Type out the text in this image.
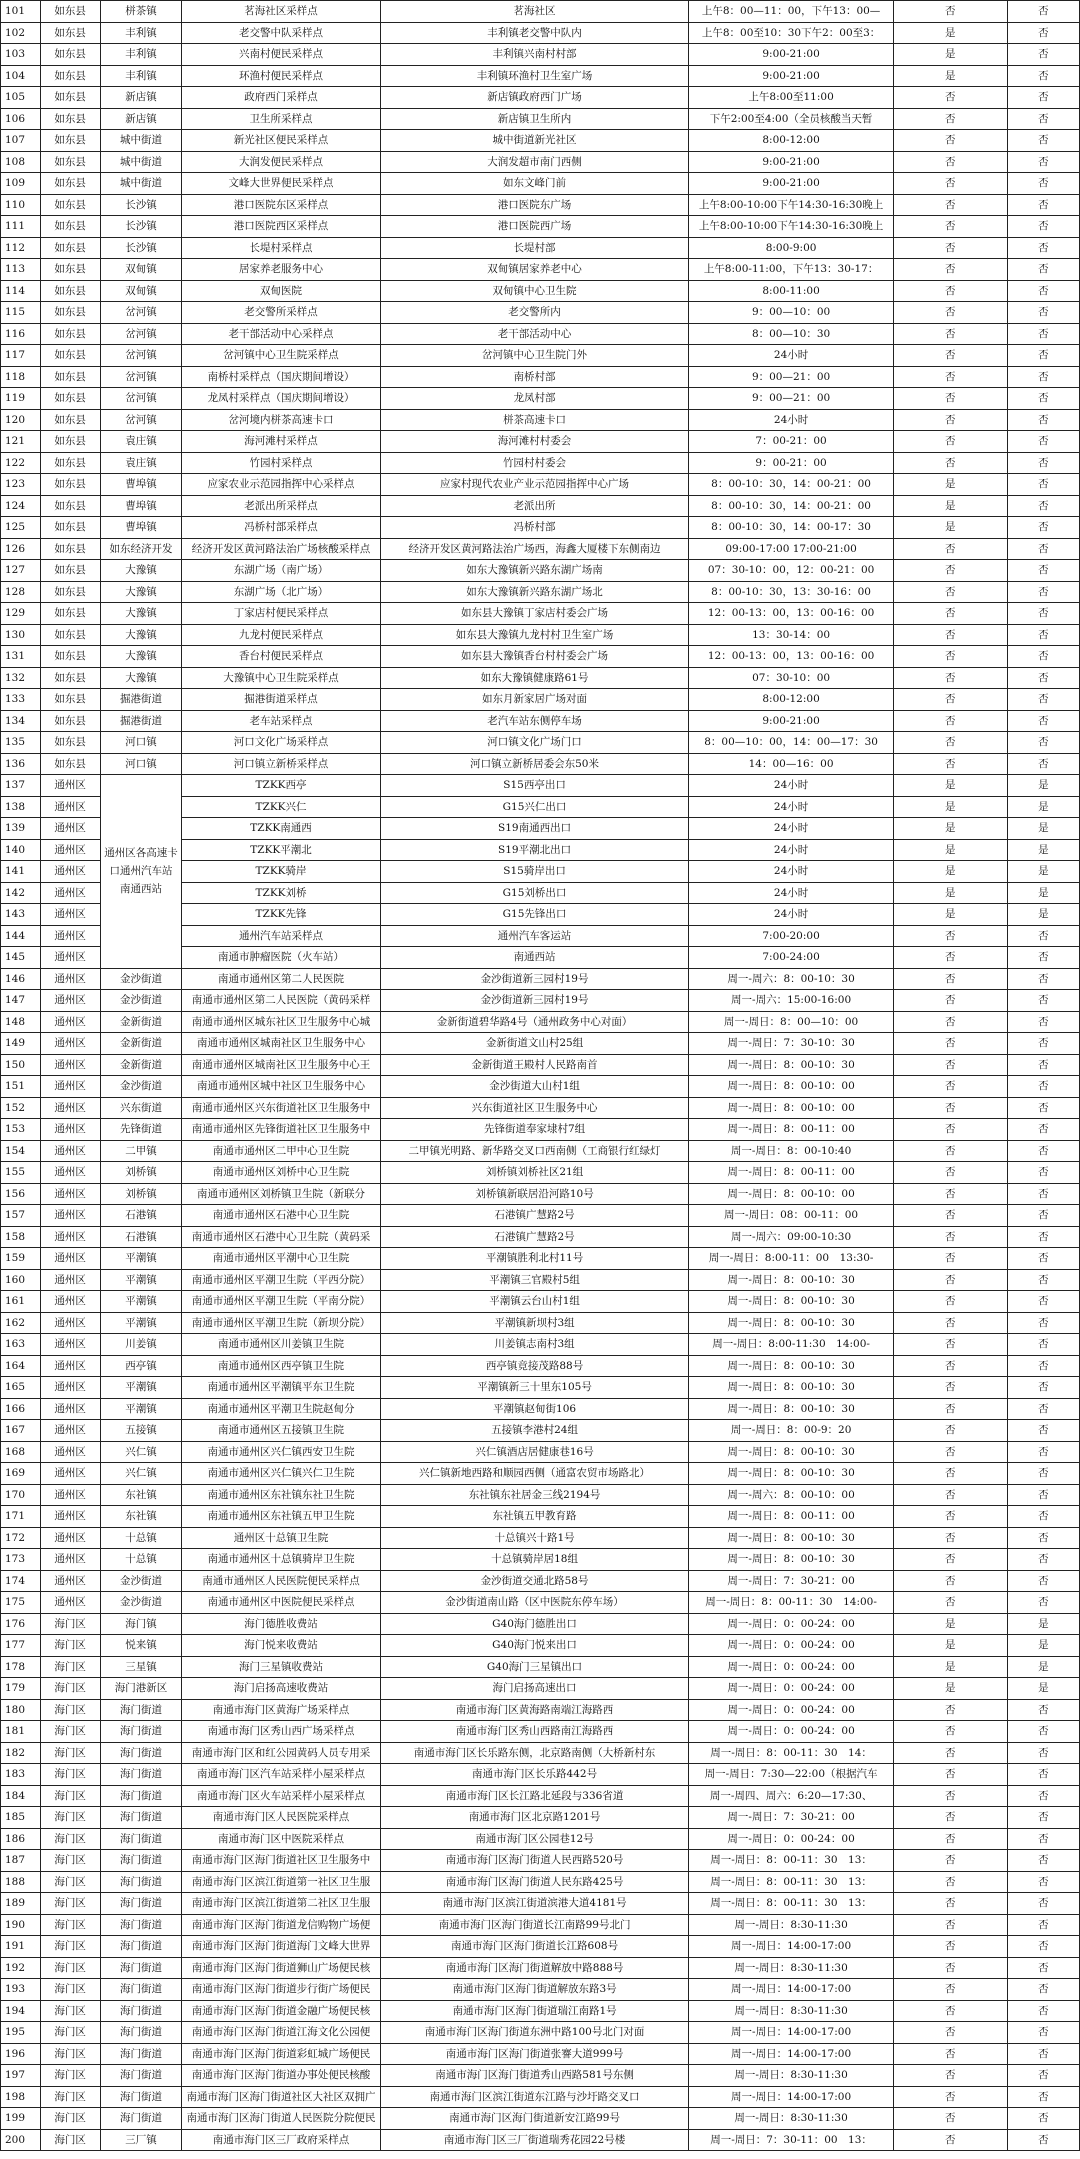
101	如东县	栟茶镇	茗海社区采样点	茗海社区	上午8：00—11：00，下午13：00—	否	否
102	如东县	丰利镇	老交警中队采样点	丰利镇老交警中队内	上午8：00至10：30下午2：00至3：	是	否
103	如东县	丰利镇	兴南村便民采样点	丰利镇兴南村村部	9:00-21:00	是	否
104	如东县	丰利镇	环渔村便民采样点	丰利镇环渔村卫生室广场	9:00-21:00	是	否
105	如东县	新店镇	政府西门采样点	新店镇政府西门广场	上午8:00至11:00	否	否
106	如东县	新店镇	卫生所采样点	新店镇卫生所内	下午2:00至4:00（全员核酸当天暂	否	否
107	如东县	城中街道	新光社区便民采样点	城中街道新光社区	8:00-12:00	否	否
108	如东县	城中街道	大润发便民采样点	大润发超市南门西侧	9:00-21:00	否	否
109	如东县	城中街道	文峰大世界便民采样点	如东文峰门前	9:00-21:00	否	否
110	如东县	长沙镇	港口医院东区采样点	港口医院东广场	上午8:00-10:00下午14:30-16:30晚上	否	否
111	如东县	长沙镇	港口医院西区采样点	港口医院西广场	上午8:00-10:00下午14:30-16:30晚上	否	否
112	如东县	长沙镇	长堤村采样点	长堤村部	8:00-9:00	否	否
113	如东县	双甸镇	居家养老服务中心	双甸镇居家养老中心	上午8:00-11:00，下午13：30-17：	否	否
114	如东县	双甸镇	双甸医院	双甸镇中心卫生院	8:00-11:00	否	否
115	如东县	岔河镇	老交警所采样点	老交警所内	9：00—10：00	否	否
116	如东县	岔河镇	老干部活动中心采样点	老干部活动中心	8：00—10：30	否	否
117	如东县	岔河镇	岔河镇中心卫生院采样点	岔河镇中心卫生院门外	24小时	否	否
118	如东县	岔河镇	南桥村采样点（国庆期间增设）	南桥村部	9：00—21：00	否	否
119	如东县	岔河镇	龙凤村采样点（国庆期间增设）	龙凤村部	9：00—21：00	否	否
120	如东县	岔河镇	岔河境内栟茶高速卡口	栟茶高速卡口	24小时	否	否
121	如东县	袁庄镇	海河滩村采样点	海河滩村村委会	7：00-21：00	否	否
122	如东县	袁庄镇	竹园村采样点	竹园村村委会	9：00-21：00	否	否
123	如东县	曹埠镇	应家农业示范园指挥中心采样点	应家村现代农业产业示范园指挥中心广场	8：00-10：30，14：00-21：00	是	否
124	如东县	曹埠镇	老派出所采样点	老派出所	8：00-10：30，14：00-21：00	是	否
125	如东县	曹埠镇	冯桥村部采样点	冯桥村部	8：00-10：30，14：00-17：30	是	否
126	如东县	如东经济开发	经济开发区黄河路法治广场核酸采样点	经济开发区黄河路法治广场西，海鑫大厦楼下东侧南边	09:00-17:00 17:00-21:00	否	否
127	如东县	大豫镇	东湖广场（南广场）	如东大豫镇新兴路东湖广场南	07：30-10：00，12：00-21：00	否	否
128	如东县	大豫镇	东湖广场（北广场）	如东大豫镇新兴路东湖广场北	8：00-10：30，13：30-16：00	否	否
129	如东县	大豫镇	丁家店村便民采样点	如东县大豫镇丁家店村委会广场	12：00-13：00，13：00-16：00	否	否
130	如东县	大豫镇	九龙村便民采样点	如东县大豫镇九龙村村卫生室广场	13：30-14：00	否	否
131	如东县	大豫镇	香台村便民采样点	如东县大豫镇香台村村委会广场	12：00-13：00，13：00-16：00	否	否
132	如东县	大豫镇	大豫镇中心卫生院采样点	如东大豫镇健康路61号	07：30-10：00	否	否
133	如东县	掘港街道	掘港街道采样点	如东月新家居广场对面	8:00-12:00	否	否
134	如东县	掘港街道	老车站采样点	老汽车站东侧停车场	9:00-21:00	否	否
135	如东县	河口镇	河口文化广场采样点	河口镇文化广场门口	8：00—10：00，14：00—17：30	否	否
136	如东县	河口镇	河口镇立新桥采样点	河口镇立新桥居委会东50米	14：00—16：00	否	否
137	通州区	通州区各高速卡口通州汽车站 南通西站	TZKK西亭	S15西亭出口	24小时	是	是
138	通州区		TZKK兴仁	G15兴仁出口	24小时	是	是
139	通州区		TZKK南通西	S19南通西出口	24小时	是	是
140	通州区		TZKK平潮北	S19平潮北出口	24小时	是	是
141	通州区		TZKK骑岸	S15骑岸出口	24小时	是	是
142	通州区		TZKK刘桥	G15刘桥出口	24小时	是	是
143	通州区		TZKK先锋	G15先锋出口	24小时	是	是
144	通州区		通州汽车站采样点	通州汽车客运站	7:00-20:00	否	否
145	通州区		南通市肿瘤医院（火车站）	南通西站	7:00-24:00	否	否
146	通州区	金沙街道	南通市通州区第二人民医院	金沙街道新三园村19号	周一-周六：8：00-10：30	否	否
147	通州区	金沙街道	南通市通州区第二人民医院（黄码采样	金沙街道新三园村19号	周一-周六：15:00-16:00	否	否
148	通州区	金新街道	南通市通州区城东社区卫生服务中心城	金新街道碧华路4号（通州政务中心对面）	周一-周日：8：00—10：00	否	否
149	通州区	金新街道	南通市通州区城南社区卫生服务中心	金新街道文山村25组	周一-周日：7：30-10：30	否	否
150	通州区	金新街道	南通市通州区城南社区卫生服务中心王	金新街道王殿村人民路南首	周一-周日：8：00-10：30	否	否
151	通州区	金沙街道	南通市通州区城中社区卫生服务中心	金沙街道大山村1组	周一-周日：8：00-10：00	否	否
152	通州区	兴东街道	南通市通州区兴东街道社区卫生服务中	兴东街道社区卫生服务中心	周一-周日：8：00-10：00	否	否
153	通州区	先锋街道	南通市通州区先锋街道社区卫生服务中	先锋街道奉家埭村7组	周一-周日：8：00-11：00	否	否
154	通州区	二甲镇	南通市通州区二甲中心卫生院	二甲镇光明路、新华路交叉口西南侧（工商银行红绿灯	周一-周日：8：00-10:40	否	否
155	通州区	刘桥镇	南通市通州区刘桥中心卫生院	刘桥镇刘桥社区21组	周一-周日：8：00-11：00	否	否
156	通州区	刘桥镇	南通市通州区刘桥镇卫生院（新联分	刘桥镇新联居沿河路10号	周一-周日：8：00-10：00	否	否
157	通州区	石港镇	南通市通州区石港中心卫生院	石港镇广慧路2号	周一-周日：08：00-11：00	否	否
158	通州区	石港镇	南通市通州区石港中心卫生院（黄码采	石港镇广慧路2号	周一-周六：09:00-10:30	否	否
159	通州区	平潮镇	南通市通州区平潮中心卫生院	平潮镇胜利北村11号	周一-周日：8:00-11：00　13:30-	否	否
160	通州区	平潮镇	南通市通州区平潮卫生院（平西分院）	平潮镇三官殿村5组	周一-周日：8：00-10：30	否	否
161	通州区	平潮镇	南通市通州区平潮卫生院（平南分院）	平潮镇云台山村1组	周一-周日：8：00-10：30	否	否
162	通州区	平潮镇	南通市通州区平潮卫生院（新坝分院）	平潮镇新坝村3组	周一-周日：8：00-10：30	否	否
163	通州区	川姜镇	南通市通州区川姜镇卫生院	川姜镇志南村3组	周一-周日：8:00-11:30　14:00-	否	否
164	通州区	西亭镇	南通市通州区西亭镇卫生院	西亭镇竟接茂路88号	周一-周日：8：00-10：30	否	否
165	通州区	平潮镇	南通市通州区平潮镇平东卫生院	平潮镇新三十里东105号	周一-周日：8：00-10：30	否	否
166	通州区	平潮镇	南通市通州区平潮卫生院赵甸分	平潮镇赵甸街106	周一-周日：8：00-10：30	否	否
167	通州区	五接镇	南通市通州区五接镇卫生院	五接镇李港村24组	周一-周日：8：00-9：20	否	否
168	通州区	兴仁镇	南通市通州区兴仁镇西安卫生院	兴仁镇酒店居健康巷16号	周一-周日：8：00-10：30	否	否
169	通州区	兴仁镇	南通市通州区兴仁镇兴仁卫生院	兴仁镇新地西路和顺园西侧（通富农贸市场路北）	周一-周日：8：00-10：30	否	否
170	通州区	东社镇	南通市通州区东社镇东社卫生院	东社镇东社居金三线2194号	周一-周六：8：00-10：00	否	否
171	通州区	东社镇	南通市通州区东社镇五甲卫生院	东社镇五甲教育路	周一-周日：8：00-11：00	否	否
172	通州区	十总镇	通州区十总镇卫生院	十总镇兴十路1号	周一-周日：8：00-10：30	否	否
173	通州区	十总镇	南通市通州区十总镇骑岸卫生院	十总镇骑岸居18组	周一-周日：8：00-10：30	否	否
174	通州区	金沙街道	南通市通州区人民医院便民采样点	金沙街道交通北路58号	周一-周日：7：30-21：00	否	否
175	通州区	金沙街道	南通市通州区中医院便民采样点	金沙街道南山路（区中医院东停车场）	周一-周日：8：00-11：30　14:00-	否	否
176	海门区	海门镇	海门德胜收费站	G40海门德胜出口	周一-周日：0：00-24：00	是	是
177	海门区	悦来镇	海门悦来收费站	G40海门悦来出口	周一-周日：0：00-24：00	是	是
178	海门区	三星镇	海门三星镇收费站	G40海门三星镇出口	周一-周日：0：00-24：00	是	是
179	海门区	海门港新区	海门启扬高速收费站	海门启扬高速出口	周一-周日：0：00-24：00	是	是
180	海门区	海门街道	南通市海门区黄海广场采样点	南通市海门区黄海路南端江海路西	周一-周日：0：00-24：00	否	否
181	海门区	海门街道	南通市海门区秀山西广场采样点	南通市海门区秀山西路南江海路西	周一-周日：0：00-24：00	否	否
182	海门区	海门街道	南通市海门区和红公园黄码人员专用采	南通市海门区长乐路东侧，北京路南侧（大桥新村东	周一-周日：8：00-11：30　14：	否	否
183	海门区	海门街道	南通市海门区汽车站采样小屋采样点	南通市海门区长乐路442号	周一-周日：7:30—22:00（根据汽车	否	否
184	海门区	海门街道	南通市海门区火车站采样小屋采样点	南通市海门区长江路北延段与336省道	周一-周四、周六：6:20—17:30、	否	否
185	海门区	海门街道	南通市海门区人民医院采样点	南通市海门区北京路1201号	周一-周日：7：30-21：00	否	否
186	海门区	海门街道	南通市海门区中医院采样点	南通市海门区公园巷12号	周一-周日：0：00-24：00	否	否
187	海门区	海门街道	南通市海门区海门街道社区卫生服务中	南通市海门区海门街道人民西路520号	周一-周日：8：00-11：30　13：	否	否
188	海门区	海门街道	南通市海门区滨江街道第一社区卫生服	南通市海门区海门街道人民东路425号	周一-周日：8：00-11：30　13：	否	否
189	海门区	海门街道	南通市海门区滨江街道第二社区卫生服	南通市海门区滨江街道滨港大道4181号	周一-周日：8：00-11：30　13：	否	否
190	海门区	海门街道	南通市海门区海门街道龙信购物广场便	南通市海门区海门街道长江南路99号北门	周一-周日：8:30-11:30	否	否
191	海门区	海门街道	南通市海门区海门街道海门文峰大世界	南通市海门区海门街道长江路608号	周一-周日：14:00-17:00	否	否
192	海门区	海门街道	南通市海门区海门街道狮山广场便民核	南通市海门区海门街道解放中路888号	周一-周日：8:30-11:30	否	否
193	海门区	海门街道	南通市海门区海门街道步行街广场便民	南通市海门区海门街道解放东路3号	周一-周日：14:00-17:00	否	否
194	海门区	海门街道	南通市海门区海门街道金融广场便民核	南通市海门区海门街道瑞江南路1号	周一-周日：8:30-11:30	否	否
195	海门区	海门街道	南通市海门区海门街道江海文化公园便	南通市海门区海门街道东洲中路100号北门对面	周一-周日：14:00-17:00	否	否
196	海门区	海门街道	南通市海门区海门街道彩虹城广场便民	南通市海门区海门街道张謇大道999号	周一-周日：14:00-17:00	否	否
197	海门区	海门街道	南通市海门区海门街道办事处便民核酸	南通市海门区海门街道秀山西路581号东侧	周一-周日：8:30-11:30	否	否
198	海门区	海门街道	南通市海门区海门街道社区大社区双拥广	南通市海门区滨江街道东江路与沙圩路交叉口	周一-周日：14:00-17:00	否	否
199	海门区	海门街道	南通市海门区海门街道人民医院分院便民	南通市海门区海门街道新安江路99号	周一-周日：8:30-11:30	否	否
200	海门区	三厂镇	南通市海门区三厂政府采样点	南通市海门区三厂街道瑞秀花园22号楼	周一-周日：7：30-11：00　13：	否	否
